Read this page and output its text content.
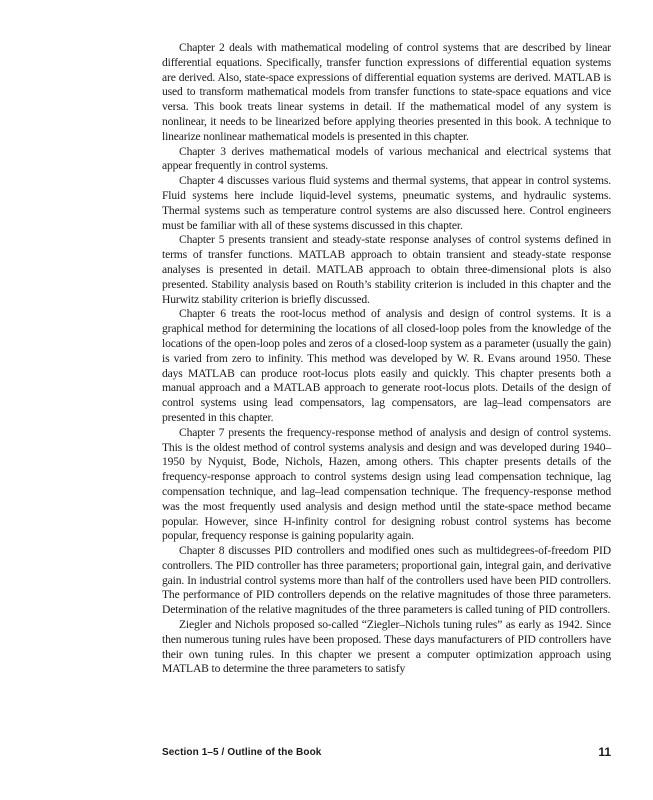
Chapter 2 deals with mathematical modeling of control systems that are described by linear differential equations. Specifically, transfer function expressions of differential equation systems are derived. Also, state-space expressions of differential equation systems are derived. MATLAB is used to transform mathematical models from transfer functions to state-space equations and vice versa. This book treats linear systems in detail. If the mathematical model of any system is nonlinear, it needs to be linearized before applying theories presented in this book. A technique to linearize nonlinear mathematical models is presented in this chapter.

Chapter 3 derives mathematical models of various mechanical and electrical systems that appear frequently in control systems.

Chapter 4 discusses various fluid systems and thermal systems, that appear in control systems. Fluid systems here include liquid-level systems, pneumatic systems, and hydraulic systems. Thermal systems such as temperature control systems are also discussed here. Control engineers must be familiar with all of these systems discussed in this chapter.

Chapter 5 presents transient and steady-state response analyses of control systems defined in terms of transfer functions. MATLAB approach to obtain transient and steady-state response analyses is presented in detail. MATLAB approach to obtain three-dimensional plots is also presented. Stability analysis based on Routh’s stability criterion is included in this chapter and the Hurwitz stability criterion is briefly discussed.

Chapter 6 treats the root-locus method of analysis and design of control systems. It is a graphical method for determining the locations of all closed-loop poles from the knowledge of the locations of the open-loop poles and zeros of a closed-loop system as a parameter (usually the gain) is varied from zero to infinity. This method was developed by W. R. Evans around 1950. These days MATLAB can produce root-locus plots easily and quickly. This chapter presents both a manual approach and a MATLAB approach to generate root-locus plots. Details of the design of control systems using lead compensators, lag compensators, are lag–lead compensators are presented in this chapter.

Chapter 7 presents the frequency-response method of analysis and design of control systems. This is the oldest method of control systems analysis and design and was developed during 1940–1950 by Nyquist, Bode, Nichols, Hazen, among others. This chapter presents details of the frequency-response approach to control systems design using lead compensation technique, lag compensation technique, and lag–lead compensation technique. The frequency-response method was the most frequently used analysis and design method until the state-space method became popular. However, since H-infinity control for designing robust control systems has become popular, frequency response is gaining popularity again.

Chapter 8 discusses PID controllers and modified ones such as multidegrees-of-freedom PID controllers. The PID controller has three parameters; proportional gain, integral gain, and derivative gain. In industrial control systems more than half of the controllers used have been PID controllers. The performance of PID controllers depends on the relative magnitudes of those three parameters. Determination of the relative magnitudes of the three parameters is called tuning of PID controllers.

Ziegler and Nichols proposed so-called “Ziegler–Nichols tuning rules” as early as 1942. Since then numerous tuning rules have been proposed. These days manufacturers of PID controllers have their own tuning rules. In this chapter we present a computer optimization approach using MATLAB to determine the three parameters to satisfy

Section 1–5 / Outline of the Book	11
